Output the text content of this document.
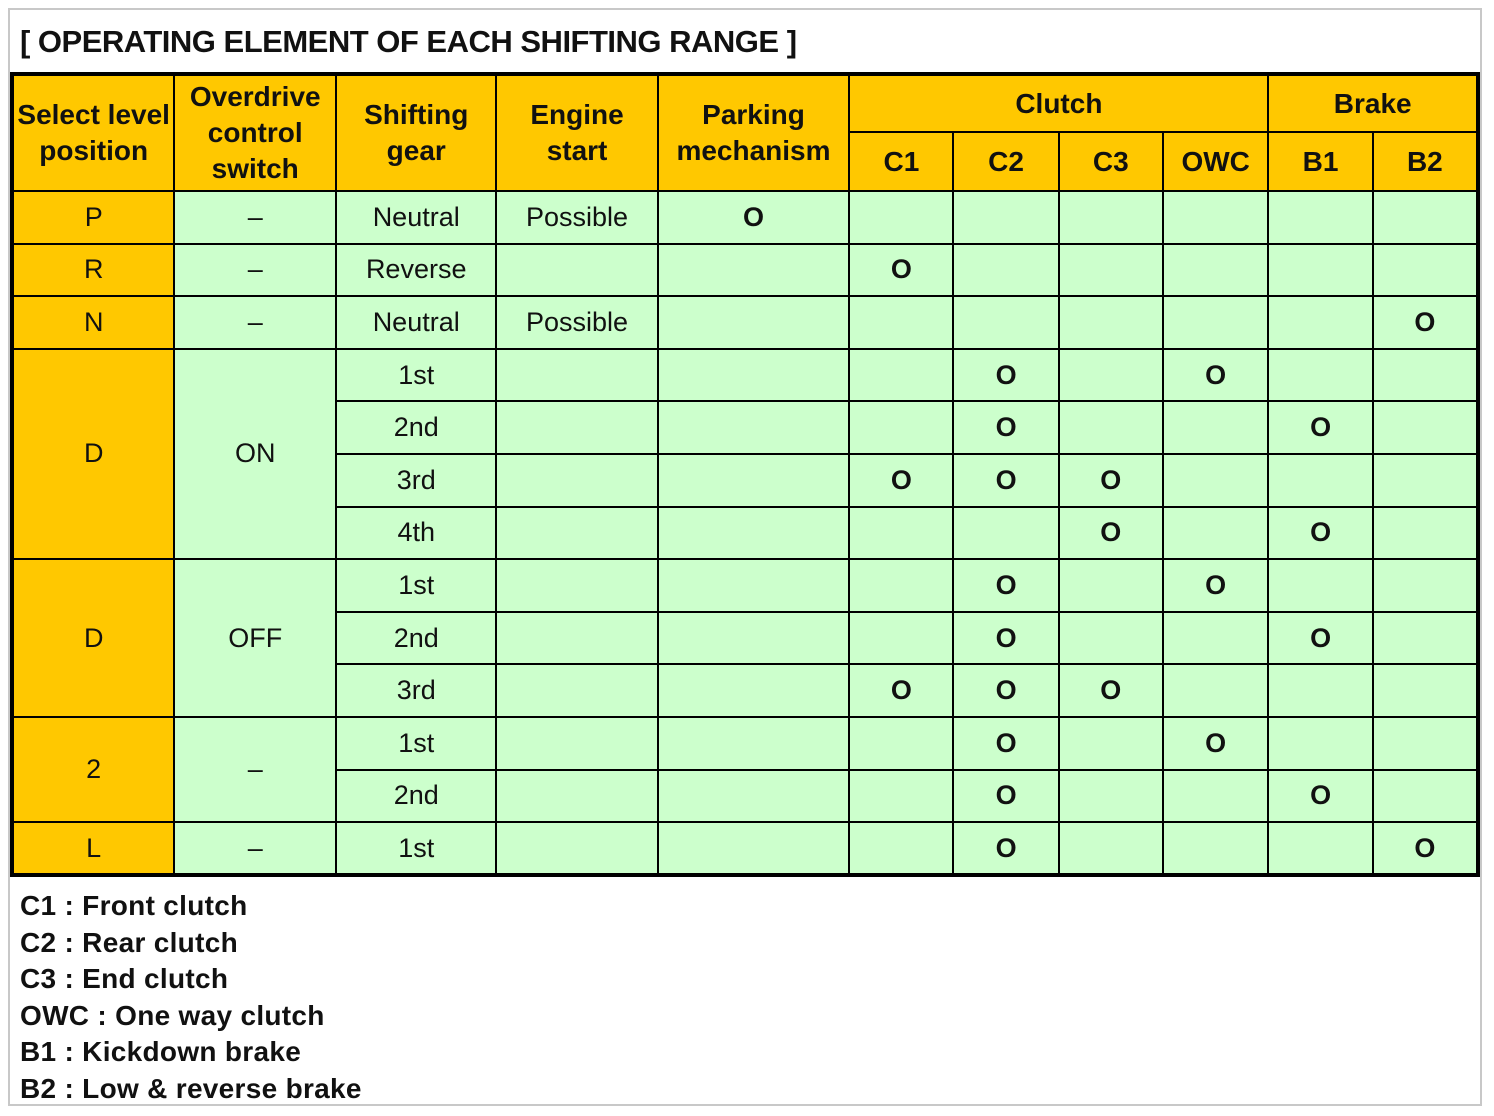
[ OPERATING ELEMENT OF EACH SHIFTING RANGE ]
Select level position	Overdrive control switch	Shifting gear	Engine start	Parking mechanism	Clutch				Brake	
					C1	C2	C3	OWC	B1	B2
P	–	Neutral	Possible	O						
R	–	Reverse			O					
N	–	Neutral	Possible							O
D	ON	1st				O		O		
		2nd				O			O	
		3rd			O	O	O			
		4th					O		O	
D	OFF	1st				O		O		
		2nd				O			O	
		3rd			O	O	O			
2	–	1st				O		O		
		2nd				O			O	
L	–	1st				O				O
C1 : Front clutch
C2 : Rear clutch
C3 : End clutch
OWC : One way clutch
B1 : Kickdown brake
B2 : Low & reverse brake
